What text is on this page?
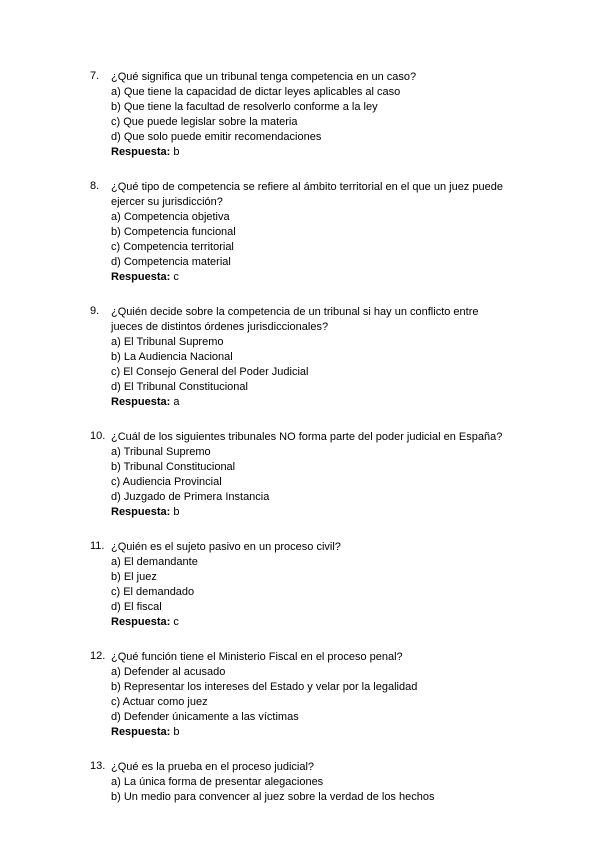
7.	¿Qué significa que un tribunal tenga competencia en un caso?
a) Que tiene la capacidad de dictar leyes aplicables al caso
b) Que tiene la facultad de resolverlo conforme a la ley
c) Que puede legislar sobre la materia
d) Que solo puede emitir recomendaciones
Respuesta: b
8.	¿Qué tipo de competencia se refiere al ámbito territorial en el que un juez puede ejercer su jurisdicción?
a) Competencia objetiva
b) Competencia funcional
c) Competencia territorial
d) Competencia material
Respuesta: c
9.	¿Quién decide sobre la competencia de un tribunal si hay un conflicto entre jueces de distintos órdenes jurisdiccionales?
a) El Tribunal Supremo
b) La Audiencia Nacional
c) El Consejo General del Poder Judicial
d) El Tribunal Constitucional
Respuesta: a
10. ¿Cuál de los siguientes tribunales NO forma parte del poder judicial en España?
a) Tribunal Supremo
b) Tribunal Constitucional
c) Audiencia Provincial
d) Juzgado de Primera Instancia
Respuesta: b
11. ¿Quién es el sujeto pasivo en un proceso civil?
a) El demandante
b) El juez
c) El demandado
d) El fiscal
Respuesta: c
12. ¿Qué función tiene el Ministerio Fiscal en el proceso penal?
a) Defender al acusado
b) Representar los intereses del Estado y velar por la legalidad
c) Actuar como juez
d) Defender únicamente a las víctimas
Respuesta: b
13. ¿Qué es la prueba en el proceso judicial?
a) La única forma de presentar alegaciones
b) Un medio para convencer al juez sobre la verdad de los hechos
